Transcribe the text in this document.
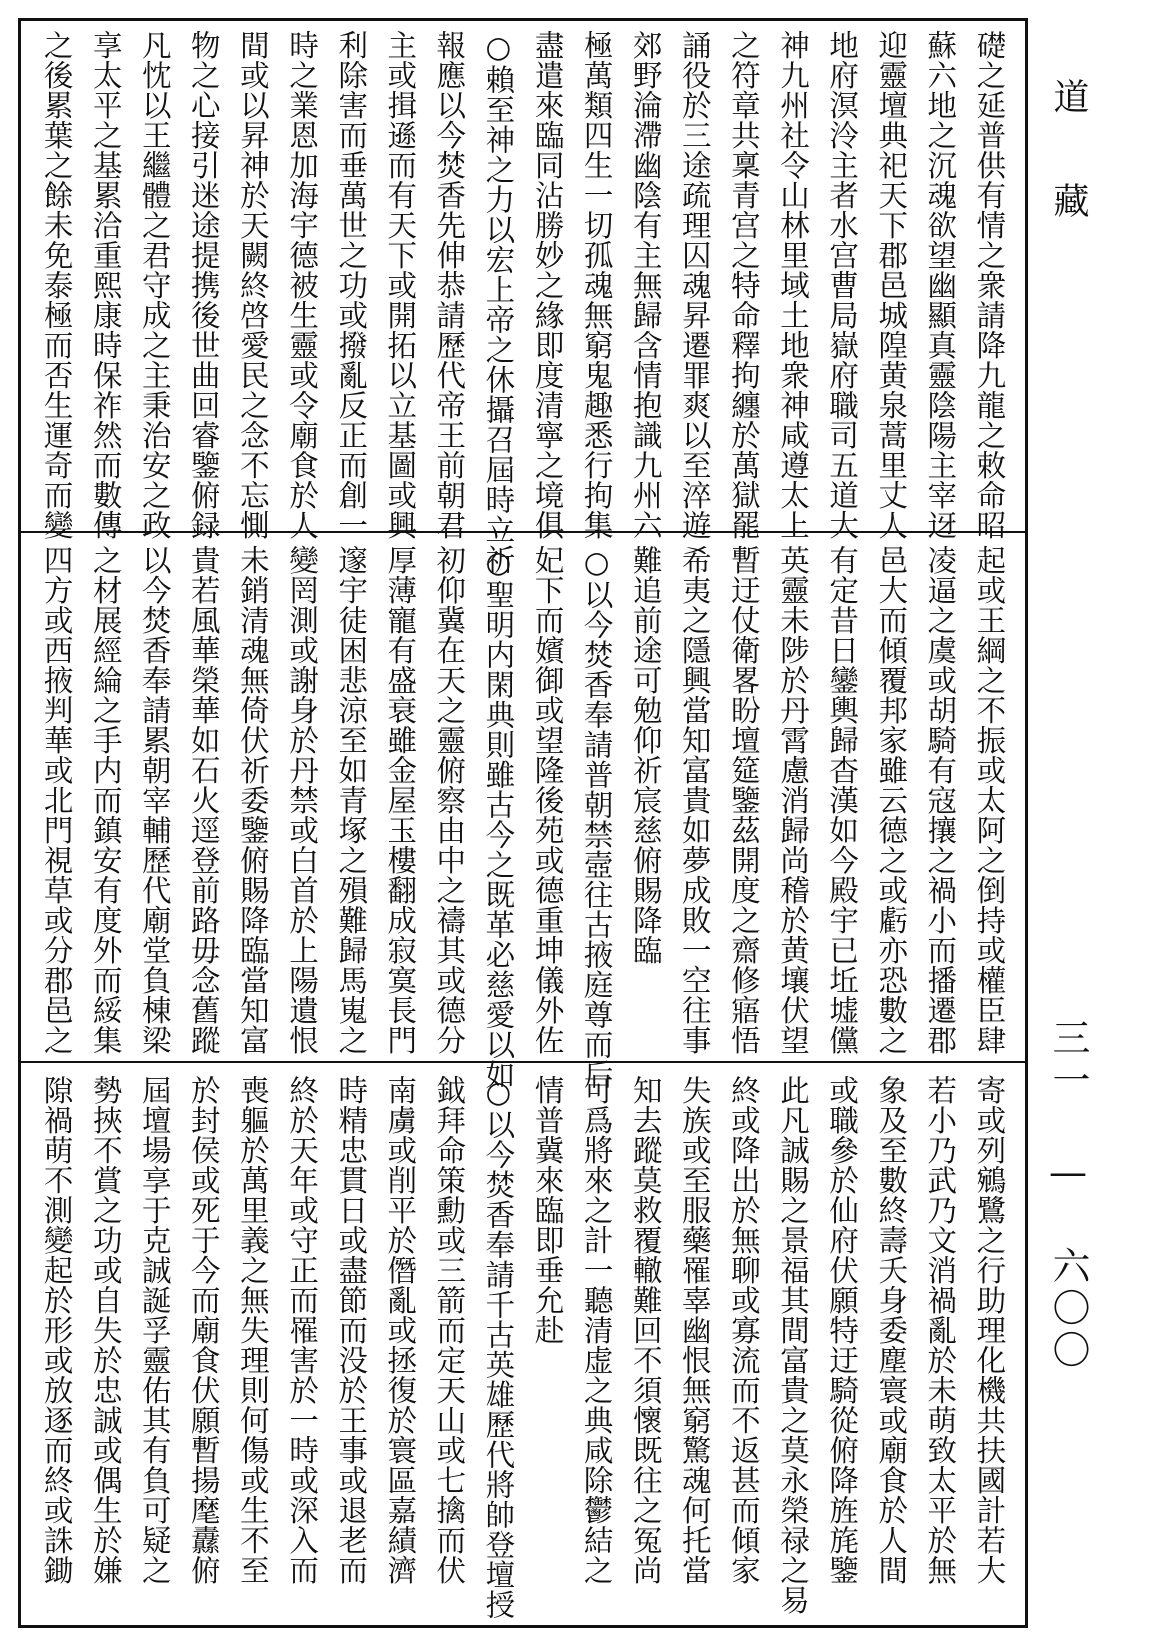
礎之延普供有情之衆請降九龍之敕命昭
蘇六地之沉魂欲望幽顯真靈陰陽主宰迓
迎靈壇典祀天下郡邑城隍黄泉蒿里丈人
地府溟泠主者水宫曹局嶽府職司五道大
神九州社令山林里域土地衆神咸遵太上
之符章共稟青宫之特命釋拘纏於萬獄罷
誦役於三途疏理囚魂昇遷罪爽以至淬遊
郊野淪滯幽陰有主無歸含情抱識九州六
極萬類四生一切孤魂無窮鬼趣悉行拘集
盡遣來臨同沾勝妙之緣即度清寧之境俱
○賴至神之力以宏上帝之休攝召屆時立祈
報應以今焚香先伸恭請歷代帝王前朝君
主或揖遜而有天下或開拓以立基圖或興
利除害而垂萬世之功或撥亂反正而創一
時之業恩加海宇德被生靈或令廟食於人
間或以昇神於天闕終啓愛民之念不忘惻
物之心接引迷途提携後世曲回睿鑒俯録
凡忱以王繼體之君守成之主秉治安之政
享太平之基累洽重熙康時保祚然而數傳
之後累葉之餘未免泰極而否生運奇而變
起或王綱之不振或太阿之倒持或權臣肆
凌逼之虞或胡騎有寇攘之禍小而播遷郡
邑大而傾覆邦家雖云德之或虧亦恐數之
有定昔日鑾輿歸杳漢如今殿宇已坵墟儻
英靈未陟於丹霄慮消歸尚稽於黄壤伏望
暫迂仗衛畧盼壇筵鑒茲開度之齋修寤悟
希夷之隱興當知富貴如夢成敗一空往事
難追前途可勉仰祈宸慈俯賜降臨
○以今焚香奉請普朝禁壼往古掖庭尊而后
妃下而嬪御或望隆後苑或德重坤儀外佐
○聖明内閑典則雖古今之既革必慈愛以如
初仰冀在天之靈俯察由中之禱其或德分
厚薄寵有盛衰雖金屋玉樓翻成寂寞長門
邃宇徒困悲涼至如青塚之殞難歸馬嵬之
變罔測或謝身於丹禁或白首於上陽遺恨
未銷清魂無倚伏祈委鑒俯賜降臨當知富
貴若風華榮華如石火逕登前路毋念舊蹤
以今焚香奉請累朝宰輔歷代廟堂負棟梁
之材展經綸之手内而鎮安有度外而綏集
四方或西掖判華或北門視草或分郡邑之
寄或列鵷鷺之行助理化機共扶國計若大
若小乃武乃文消禍亂於未萌致太平於無
象及至數終壽夭身委塵寰或廟食於人間
或職參於仙府伏願特迂騎從俯降旌旄鑒
此凡誠賜之景福其間富貴之莫永榮禄之易
終或降出於無聊或寡流而不返甚而傾家
失族或至服藥罹辜幽恨無窮驚魂何托當
知去蹤莫救覆轍難回不須懷既往之冤尚
可爲將來之計一聽清虚之典咸除鬱結之
情普冀來臨即垂允赴
○以今焚香奉請千古英雄歷代將帥登壇授
鉞拜命策勳或三箭而定天山或七擒而伏
南虜或削平於僭亂或拯復於寰區嘉績濟
時精忠貫日或盡節而没於王事或退老而
終於天年或守正而罹害於一時或深入而
喪軀於萬里義之無失理則何傷或生不至
於封侯或死于今而廟食伏願暫揚麾纛俯
屆壇場享于克誠誕孚靈佑其有負可疑之
勢挾不賞之功或自失於忠誠或偶生於嫌
隙禍萌不測變起於形或放逐而終或誅鋤
道藏
三一 — 六〇〇
